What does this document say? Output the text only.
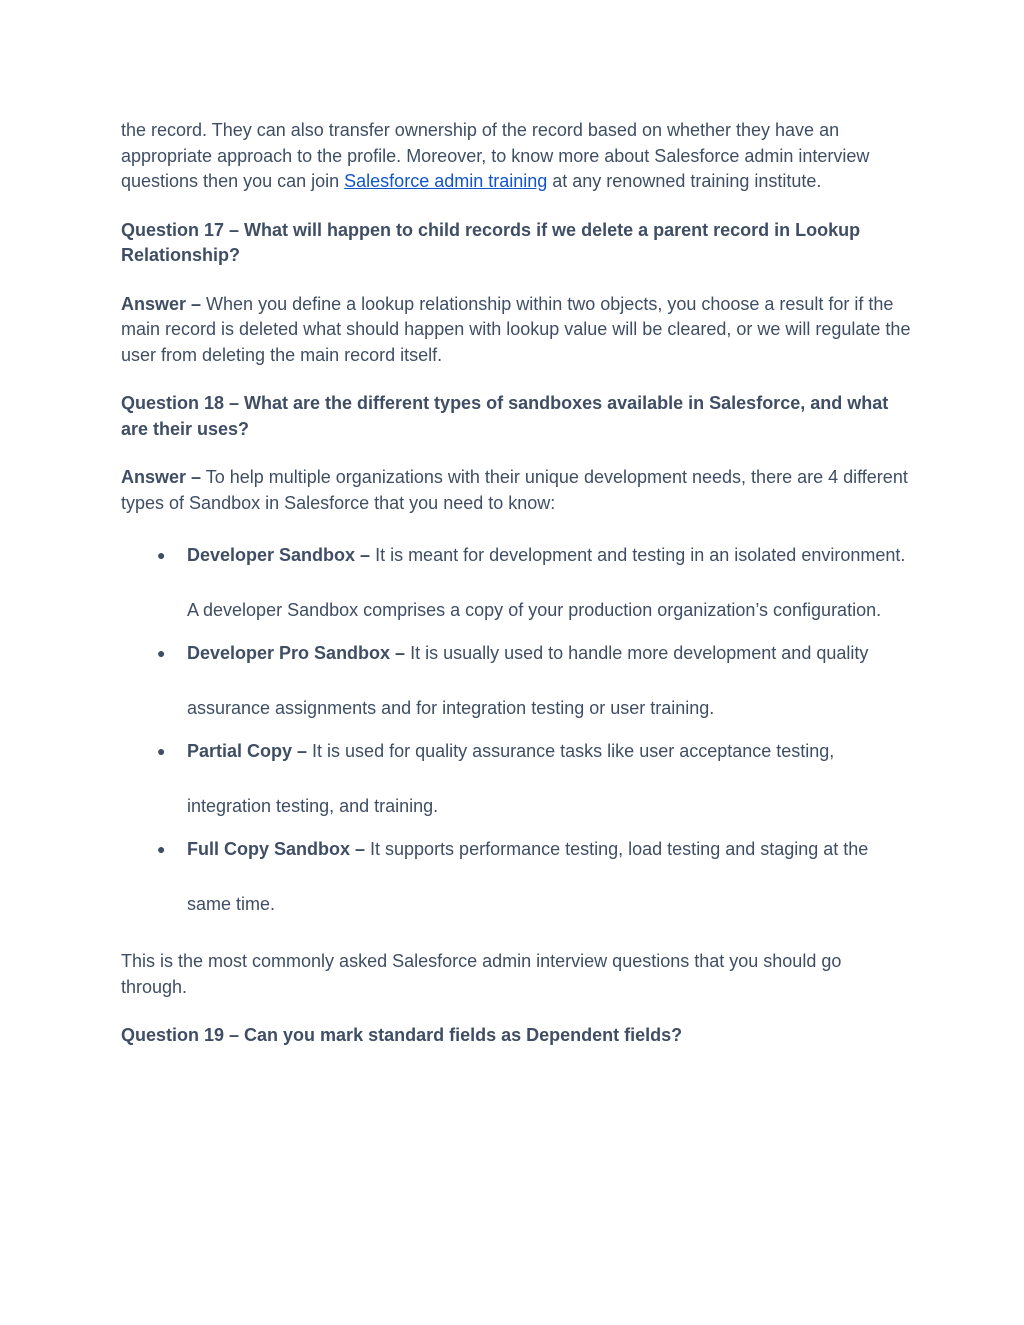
the record. They can also transfer ownership of the record based on whether they have an appropriate approach to the profile. Moreover, to know more about Salesforce admin interview questions then you can join Salesforce admin training at any renowned training institute.

Question 17 – What will happen to child records if we delete a parent record in Lookup Relationship?

Answer – When you define a lookup relationship within two objects, you choose a result for if the main record is deleted what should happen with lookup value will be cleared, or we will regulate the user from deleting the main record itself.

Question 18 – What are the different types of sandboxes available in Salesforce, and what are their uses?

Answer – To help multiple organizations with their unique development needs, there are 4 different types of Sandbox in Salesforce that you need to know:

● Developer Sandbox – It is meant for development and testing in an isolated environment. A developer Sandbox comprises a copy of your production organization’s configuration.
● Developer Pro Sandbox – It is usually used to handle more development and quality assurance assignments and for integration testing or user training.
● Partial Copy – It is used for quality assurance tasks like user acceptance testing, integration testing, and training.
● Full Copy Sandbox – It supports performance testing, load testing and staging at the same time.

This is the most commonly asked Salesforce admin interview questions that you should go through.

Question 19 – Can you mark standard fields as Dependent fields?
